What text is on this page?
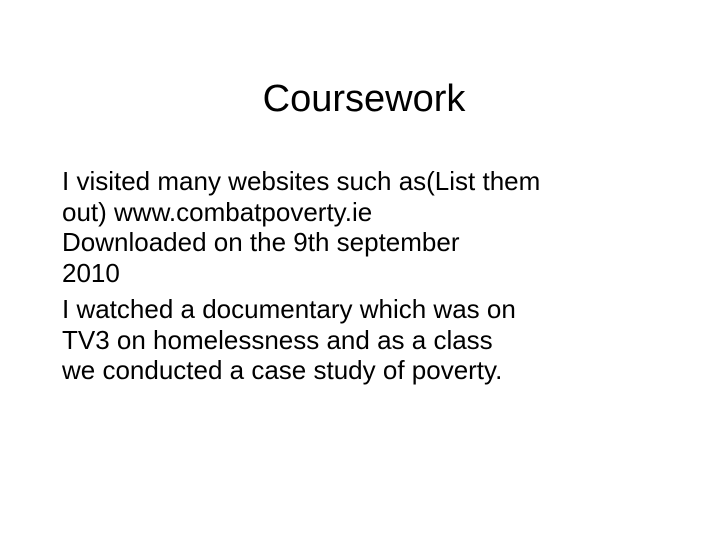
Coursework
I visited many websites such as(List them
out) www.combatpoverty.ie
Downloaded on the 9th september
2010
I watched a documentary which was on
TV3 on homelessness and as a class
we conducted a case study of poverty.
